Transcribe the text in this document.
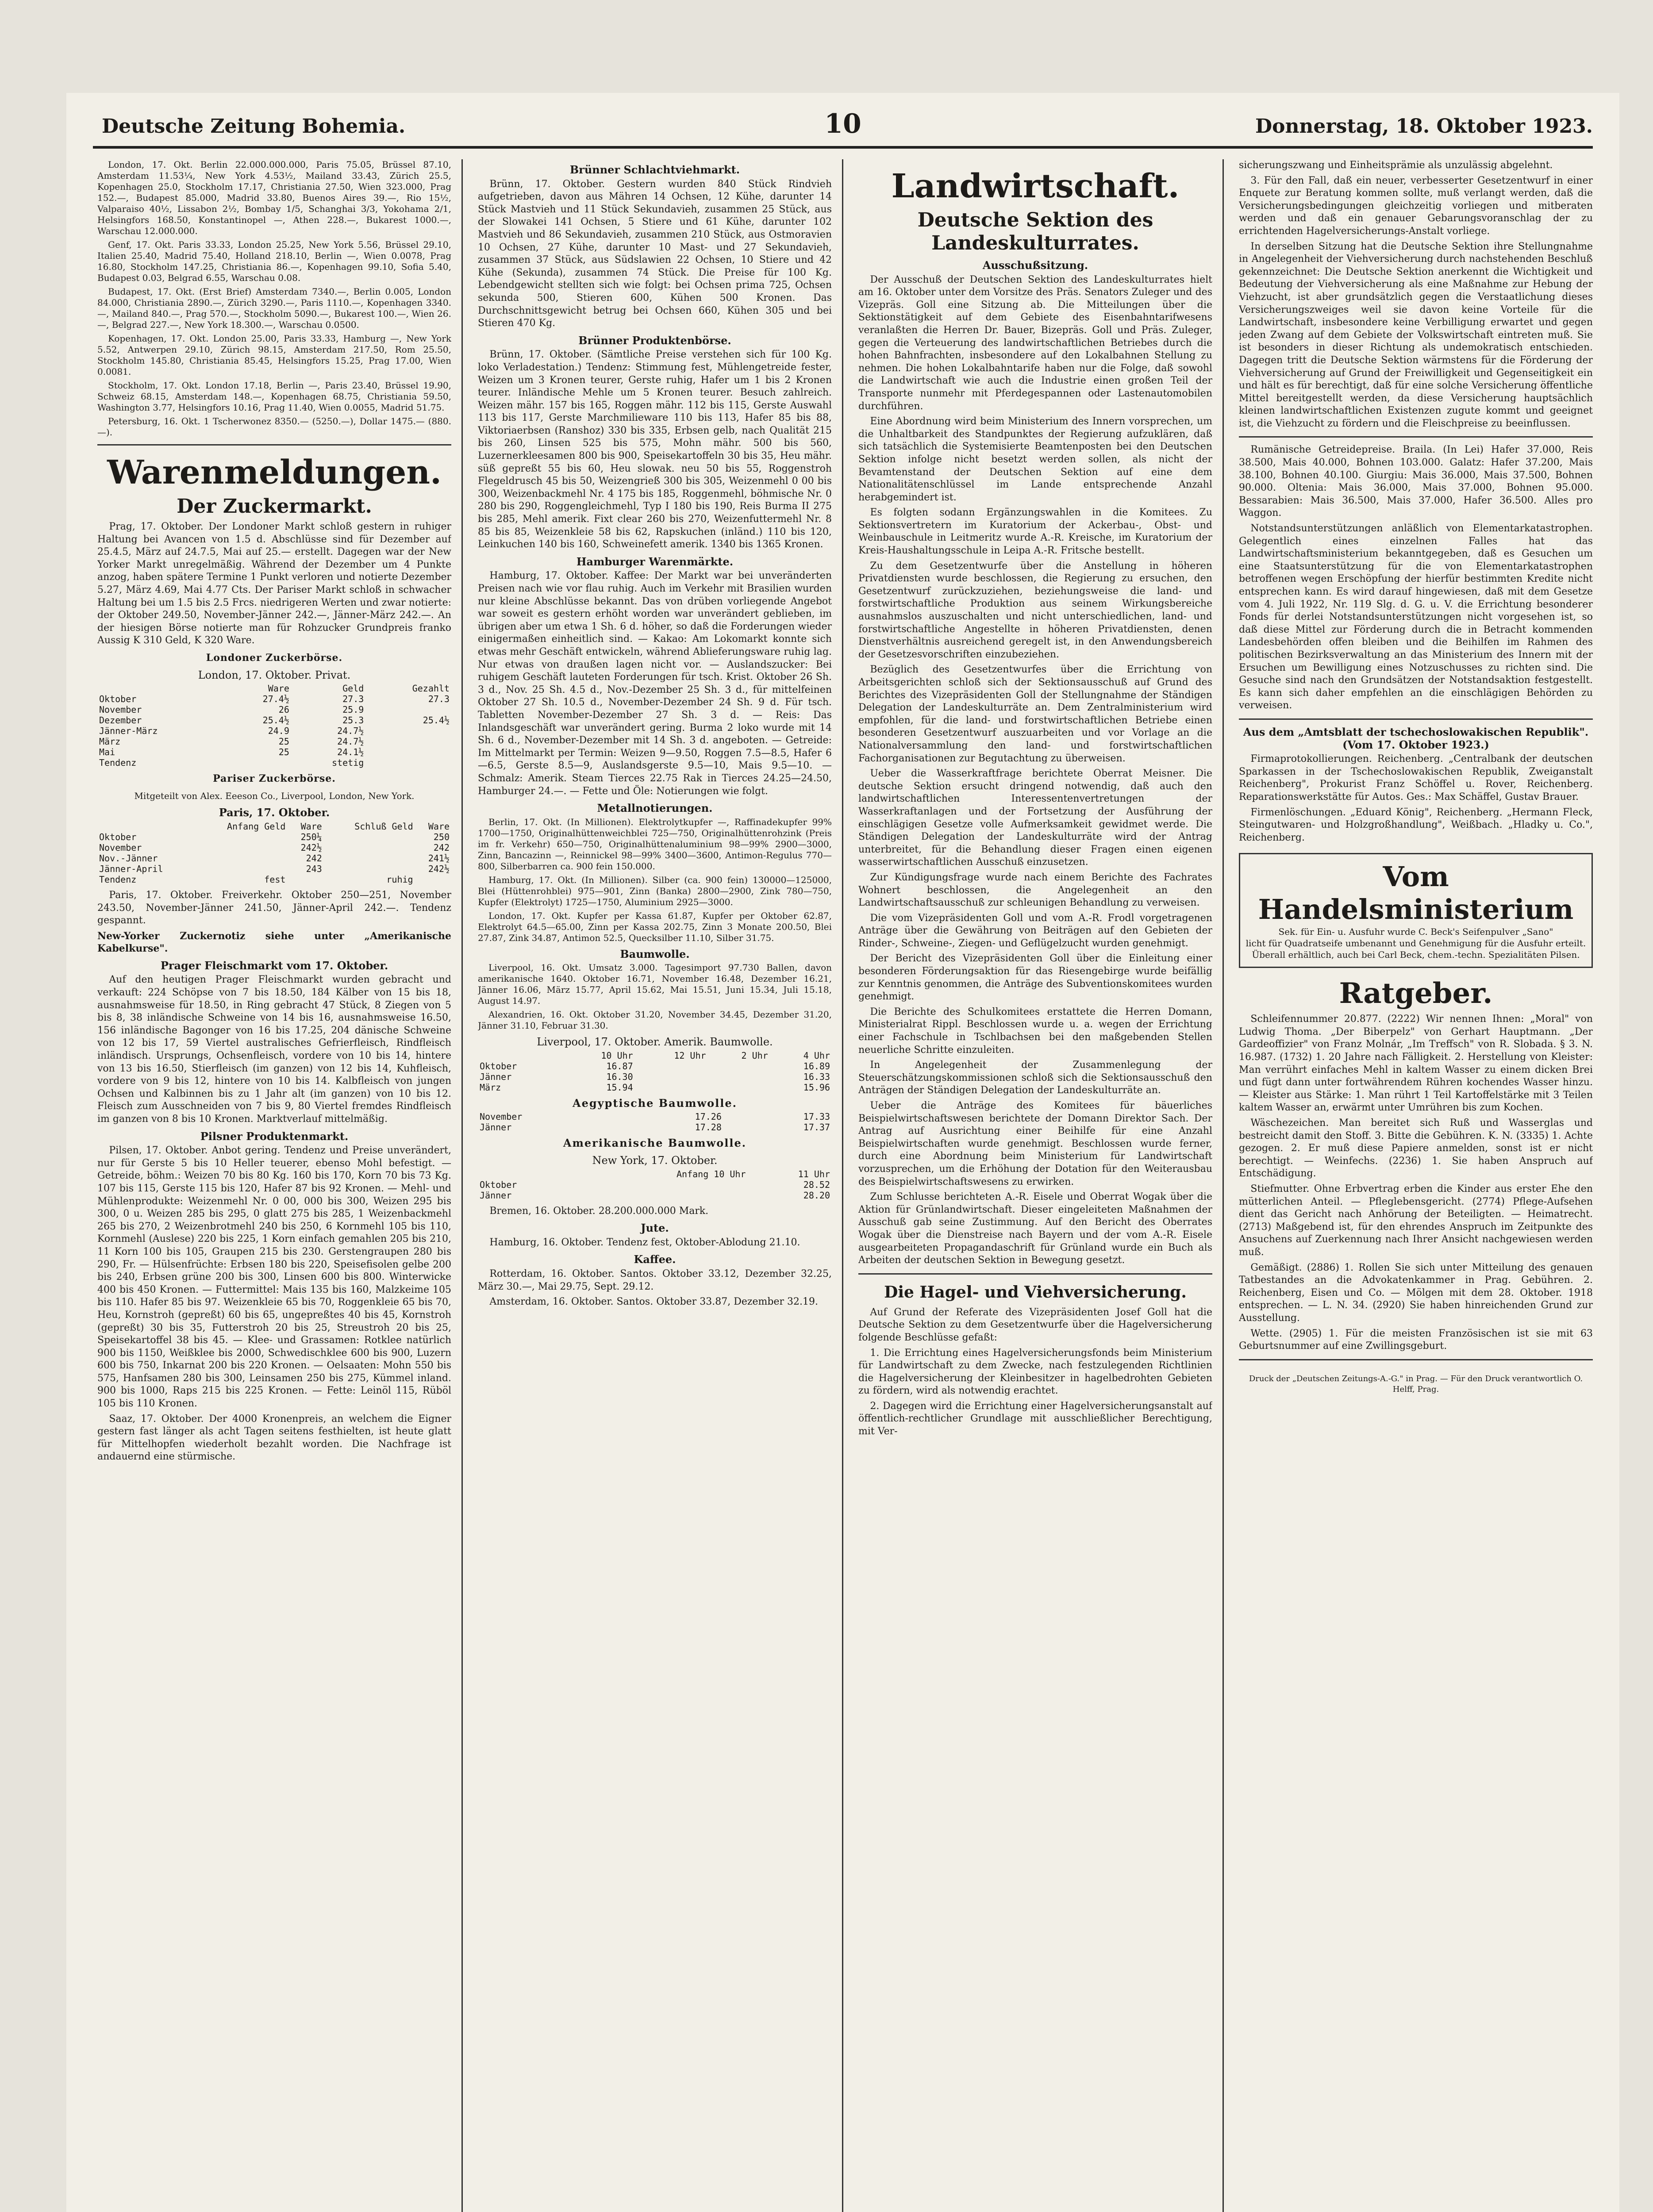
Deutsche Zeitung Bohemia.	10	Donnerstag, 18. Oktober 1923.

London, 17. Okt. Berlin 22.000.000.000, Paris 75.05, Brüssel 87.10, Amsterdam 11.53¼, New York 4.53½, Mailand 33.43, Zürich 25.5, Kopenhagen 25.0, Stockholm 17.17, Christiania 27.50, Wien 323.000, Prag 152.—, Budapest 85.000, Madrid 33.80, Buenos Aires 39.—, Rio 15½, Valparaiso 40½, Lissabon 2½, Bombay 1/5, Schanghai 3/3, Yokohama 2/1, Helsingfors 168.50, Konstantinopel —, Athen 228.—, Bukarest 1000.—, Warschau 12.000.000.

Genf, 17. Okt. Paris 33.33, London 25.25, New York 5.56, Brüssel 29.10, Italien 25.40, Madrid 75.40, Holland 218.10, Berlin —, Wien 0.0078, Prag 16.80, Stockholm 147.25, Christiania 86.—, Kopenhagen 99.10, Sofia 5.40, Budapest 0.03, Belgrad 6.55, Warschau 0.08.

Budapest, 17. Okt. (Erst Brief) Amsterdam 7340.—, Berlin 0.005, London 84.000, Christiania 2890.—, Zürich 3290.—, Paris 1110.—, Kopenhagen 3340.—, Mailand 840.—, Prag 570.—, Stockholm 5090.—, Bukarest 100.—, Wien 26.—, Belgrad 227.—, New York 18.300.—, Warschau 0.0500.

Kopenhagen, 17. Okt. London 25.00, Paris 33.33, Hamburg —, New York 5.52, Antwerpen 29.10, Zürich 98.15, Amsterdam 217.50, Rom 25.50, Stockholm 145.80, Christiania 85.45, Helsingfors 15.25, Prag 17.00, Wien 0.0081.

Stockholm, 17. Okt. London 17.18, Berlin —, Paris 23.40, Brüssel 19.90, Schweiz 68.15, Amsterdam 148.—, Kopenhagen 68.75, Christiania 59.50, Washington 3.77, Helsingfors 10.16, Prag 11.40, Wien 0.0055, Madrid 51.75.

Petersburg, 16. Okt. 1 Tscherwonez 8350.— (5250.—), Dollar 1475.— (880.—).

Warenmeldungen.
Der Zuckermarkt.

Prag, 17. Oktober. Der Londoner Markt schloß gestern in ruhiger Haltung bei Avancen von 1.5 d. Abschlüsse sind für Dezember auf 25.4.5, März auf 24.7.5, Mai auf 25.— erstellt. Dagegen war der New Yorker Markt unregelmäßig. Während der Dezember um 4 Punkte anzog, haben spätere Termine 1 Punkt verloren und notierte Dezember 5.27, März 4.69, Mai 4.77 Cts. Der Pariser Markt schloß in schwacher Haltung bei um 1.5 bis 2.5 Frcs. niedrigeren Werten und zwar notierte: der Oktober 249.50, November-Jänner 242.—, Jänner-März 242.—. An der hiesigen Börse notierte man für Rohzucker Grundpreis franko Aussig K 310 Geld, K 320 Ware.

Londoner Zuckerbörse.
London, 17. Oktober. Privat.
	Ware	Geld	Gezahlt
Oktober	27.4½	27.3	27.3
November	26	25.9	
Dezember	25.4½	25.3	25.4½
Jänner-März	24.9	24.7½	
März	25	24.7½	
Mai	25	24.1½	
Tendenz		stetig	
Pariser Zuckerbörse.
Mitgeteilt von Alex. Eeeson Co., Liverpool, London, New York.
Paris, 17. Oktober.
	Anfang Geld	Ware	Schluß Geld	Ware
Oktober		250¼		250
November		242½		242
Nov.-Jänner		242		241½
Jänner-April		243		242½
Tendenz	fest		ruhig	

Paris, 17. Oktober. Freiverkehr. Oktober 250—251, November 243.50, November-Jänner 241.50, Jänner-April 242.—. Tendenz gespannt.

New-Yorker Zuckernotiz siehe unter „Amerikanische Kabelkurse".

Prager Fleischmarkt vom 17. Oktober.

Auf den heutigen Prager Fleischmarkt wurden gebracht und verkauft: 224 Schöpse von 7 bis 18.50, 184 Kälber von 15 bis 18, ausnahmsweise für 18.50, in Ring gebracht 47 Stück, 8 Ziegen von 5 bis 8, 38 inländische Schweine von 14 bis 16, ausnahmsweise 16.50, 156 inländische Bagonger von 16 bis 17.25, 204 dänische Schweine von 12 bis 17, 59 Viertel australisches Gefrierfleisch, Rindfleisch inländisch. Ursprungs, Ochsenfleisch, vordere von 10 bis 14, hintere von 13 bis 16.50, Stierfleisch (im ganzen) von 12 bis 14, Kuhfleisch, vordere von 9 bis 12, hintere von 10 bis 14. Kalbfleisch von jungen Ochsen und Kalbinnen bis zu 1 Jahr alt (im ganzen) von 10 bis 12. Fleisch zum Ausschneiden von 7 bis 9, 80 Viertel fremdes Rindfleisch im ganzen von 8 bis 10 Kronen. Marktverlauf mittelmäßig.

Pilsner Produktenmarkt.

Pilsen, 17. Oktober. Anbot gering. Tendenz und Preise unverändert, nur für Gerste 5 bis 10 Heller teuerer, ebenso Mohl befestigt. — Getreide, böhm.: Weizen 70 bis 80 Kg. 160 bis 170, Korn 70 bis 73 Kg. 107 bis 115, Gerste 115 bis 120, Hafer 87 bis 92 Kronen. — Mehl- und Mühlenprodukte: Weizenmehl Nr. 0 00, 000 bis 300, Weizen 295 bis 300, 0 u. Weizen 285 bis 295, 0 glatt 275 bis 285, 1 Weizenbackmehl 265 bis 270, 2 Weizenbrotmehl 240 bis 250, 6 Kornmehl 105 bis 110, Kornmehl (Auslese) 220 bis 225, 1 Korn einfach gemahlen 205 bis 210, 11 Korn 100 bis 105, Graupen 215 bis 230. Gerstengraupen 280 bis 290, Fr. — Hülsenfrüchte: Erbsen 180 bis 220, Speisefisolen gelbe 200 bis 240, Erbsen grüne 200 bis 300, Linsen 600 bis 800. Winterwicke 400 bis 450 Kronen. — Futtermittel: Mais 135 bis 160, Malzkeime 105 bis 110. Hafer 85 bis 97. Weizenkleie 65 bis 70, Roggenkleie 65 bis 70, Heu, Kornstroh (gepreßt) 60 bis 65, ungepreßtes 40 bis 45, Kornstroh (gepreßt) 30 bis 35, Futterstroh 20 bis 25, Streustroh 20 bis 25, Speisekartoffel 38 bis 45. — Klee- und Grassamen: Rotklee natürlich 900 bis 1150, Weißklee bis 2000, Schwedischklee 600 bis 900, Luzern 600 bis 750, Inkarnat 200 bis 220 Kronen. — Oelsaaten: Mohn 550 bis 575, Hanfsamen 280 bis 300, Leinsamen 250 bis 275, Kümmel inland. 900 bis 1000, Raps 215 bis 225 Kronen. — Fette: Leinöl 115, Rüböl 105 bis 110 Kronen.

Saaz, 17. Oktober. Der 4000 Kronenpreis, an welchem die Eigner gestern fast länger als acht Tagen seitens festhielten, ist heute glatt für Mittelhopfen wiederholt bezahlt worden. Die Nachfrage ist andauernd eine stürmische.

Brünner Schlachtviehmarkt.

Brünn, 17. Oktober. Gestern wurden 840 Stück Rindvieh aufgetrieben, davon aus Mähren 14 Ochsen, 12 Kühe, darunter 14 Stück Mastvieh und 11 Stück Sekundavieh, zusammen 25 Stück, aus der Slowakei 141 Ochsen, 5 Stiere und 61 Kühe, darunter 102 Mastvieh und 86 Sekundavieh, zusammen 210 Stück, aus Ostmoravien 10 Ochsen, 27 Kühe, darunter 10 Mast- und 27 Sekundavieh, zusammen 37 Stück, aus Südslawien 22 Ochsen, 10 Stiere und 42 Kühe (Sekunda), zusammen 74 Stück. Die Preise für 100 Kg. Lebendgewicht stellten sich wie folgt: bei Ochsen prima 725, Ochsen sekunda 500, Stieren 600, Kühen 500 Kronen. Das Durchschnittsgewicht betrug bei Ochsen 660, Kühen 305 und bei Stieren 470 Kg.

Brünner Produktenbörse.

Brünn, 17. Oktober. (Sämtliche Preise verstehen sich für 100 Kg. loko Verladestation.) Tendenz: Stimmung fest, Mühlengetreide fester, Weizen um 3 Kronen teurer, Gerste ruhig, Hafer um 1 bis 2 Kronen teurer. Inländische Mehle um 5 Kronen teurer. Besuch zahlreich. Weizen mähr. 157 bis 165, Roggen mähr. 112 bis 115, Gerste Auswahl 113 bis 117, Gerste Marchmilieware 110 bis 113, Hafer 85 bis 88, Viktoriaerbsen (Ranshoz) 330 bis 335, Erbsen gelb, nach Qualität 215 bis 260, Linsen 525 bis 575, Mohn mähr. 500 bis 560, Luzernerkleesamen 800 bis 900, Speisekartoffeln 30 bis 35, Heu mähr. süß gepreßt 55 bis 60, Heu slowak. neu 50 bis 55, Roggenstroh Flegeldrusch 45 bis 50, Weizengrieß 300 bis 305, Weizenmehl 0 00 bis 300, Weizenbackmehl Nr. 4 175 bis 185, Roggenmehl, böhmische Nr. 0 280 bis 290, Roggengleichmehl, Typ I 180 bis 190, Reis Burma II 275 bis 285, Mehl amerik. Fixt clear 260 bis 270, Weizenfuttermehl Nr. 8 85 bis 85, Weizenkleie 58 bis 62, Rapskuchen (inländ.) 110 bis 120, Leinkuchen 140 bis 160, Schweinefett amerik. 1340 bis 1365 Kronen.

Hamburger Warenmärkte.

Hamburg, 17. Oktober. Kaffee: Der Markt war bei unveränderten Preisen nach wie vor flau ruhig. Auch im Verkehr mit Brasilien wurden nur kleine Abschlüsse bekannt. Das von drüben vorliegende Angebot war soweit es gestern erhöht worden war unverändert geblieben, im übrigen aber um etwa 1 Sh. 6 d. höher, so daß die Forderungen wieder einigermaßen einheitlich sind. — Kakao: Am Lokomarkt konnte sich etwas mehr Geschäft entwickeln, während Ablieferungsware ruhig lag. Nur etwas von draußen lagen nicht vor. — Auslandszucker: Bei ruhigem Geschäft lauteten Forderungen für tsch. Krist. Oktober 26 Sh. 3 d., Nov. 25 Sh. 4.5 d., Nov.-Dezember 25 Sh. 3 d., für mittelfeinen Oktober 27 Sh. 10.5 d., November-Dezember 24 Sh. 9 d. Für tsch. Tabletten November-Dezember 27 Sh. 3 d. — Reis: Das Inlandsgeschäft war unverändert gering. Burma 2 loko wurde mit 14 Sh. 6 d., November-Dezember mit 14 Sh. 3 d. angeboten. — Getreide: Im Mittelmarkt per Termin: Weizen 9—9.50, Roggen 7.5—8.5, Hafer 6—6.5, Gerste 8.5—9, Auslandsgerste 9.5—10, Mais 9.5—10. — Schmalz: Amerik. Steam Tierces 22.75 Rak in Tierces 24.25—24.50, Hamburger 24.—. — Fette und Öle: Notierungen wie folgt.

Metallnotierungen.

Berlin, 17. Okt. (In Millionen). Elektrolytkupfer —, Raffinadekupfer 99% 1700—1750, Originalhüttenweichblei 725—750, Originalhüttenrohzink (Preis im fr. Verkehr) 650—750, Originalhüttenaluminium 98—99% 2900—3000, Zinn, Bancazinn —, Reinnickel 98—99% 3400—3600, Antimon-Regulus 770—800, Silberbarren ca. 900 fein 150.000.

Hamburg, 17. Okt. (In Millionen). Silber (ca. 900 fein) 130000—125000, Blei (Hüttenrohblei) 975—901, Zinn (Banka) 2800—2900, Zink 780—750, Kupfer (Elektrolyt) 1725—1750, Aluminium 2925—3000.

London, 17. Okt. Kupfer per Kassa 61.87, Kupfer per Oktober 62.87, Elektrolyt 64.5—65.00, Zinn per Kassa 202.75, Zinn 3 Monate 200.50, Blei 27.87, Zink 34.87, Antimon 52.5, Quecksilber 11.10, Silber 31.75.

Baumwolle.

Liverpool, 16. Okt. Umsatz 3.000. Tagesimport 97.730 Ballen, davon amerikanische 1640. Oktober 16.71, November 16.48, Dezember 16.21, Jänner 16.06, März 15.77, April 15.62, Mai 15.51, Juni 15.34, Juli 15.18, August 14.97.

Alexandrien, 16. Okt. Oktober 31.20, November 34.45, Dezember 31.20, Jänner 31.10, Februar 31.30.

Liverpool, 17. Oktober. Amerik. Baumwolle.
	10 Uhr	12 Uhr	2 Uhr	4 Uhr
Oktober	16.87			16.89
Jänner	16.30			16.33
März	15.94			15.96
Aegyptische Baumwolle.
November	17.26		17.33
Jänner	17.28		17.37
Amerikanische Baumwolle.
New York, 17. Oktober.
	Anfang 10 Uhr	11 Uhr
Oktober		28.52
Jänner		28.20

Bremen, 16. Oktober. 28.200.000.000 Mark.

Jute.

Hamburg, 16. Oktober. Tendenz fest, Oktober-Ablodung 21.10.

Kaffee.

Rotterdam, 16. Oktober. Santos. Oktober 33.12, Dezember 32.25, März 30.—, Mai 29.75, Sept. 29.12.

Amsterdam, 16. Oktober. Santos. Oktober 33.87, Dezember 32.19.

Landwirtschaft.
Deutsche Sektion des Landeskulturrates.
Ausschußsitzung.

Der Ausschuß der Deutschen Sektion des Landeskulturrates hielt am 16. Oktober unter dem Vorsitze des Präs. Senators Zuleger und des Vizepräs. Goll eine Sitzung ab. Die Mitteilungen über die Sektionstätigkeit auf dem Gebiete des Eisenbahntarifwesens veranlaßten die Herren Dr. Bauer, Bizepräs. Goll und Präs. Zuleger, gegen die Verteuerung des landwirtschaftlichen Betriebes durch die hohen Bahnfrachten, insbesondere auf den Lokalbahnen Stellung zu nehmen. Die hohen Lokalbahntarife haben nur die Folge, daß sowohl die Landwirtschaft wie auch die Industrie einen großen Teil der Transporte nunmehr mit Pferdegespannen oder Lastenautomobilen durchführen.

Eine Abordnung wird beim Ministerium des Innern vorsprechen, um die Unhaltbarkeit des Standpunktes der Regierung aufzuklären, daß sich tatsächlich die Systemisierte Beamtenposten bei den Deutschen Sektion infolge nicht besetzt werden sollen, als nicht der Bevamtenstand der Deutschen Sektion auf eine dem Nationalitätenschlüssel im Lande entsprechende Anzahl herabgemindert ist.

Es folgten sodann Ergänzungswahlen in die Komitees. Zu Sektionsvertretern im Kuratorium der Ackerbau-, Obst- und Weinbauschule in Leitmeritz wurde A.-R. Kreische, im Kuratorium der Kreis-Haushaltungsschule in Leipa A.-R. Fritsche bestellt.

Zu dem Gesetzentwurfe über die Anstellung in höheren Privatdiensten wurde beschlossen, die Regierung zu ersuchen, den Gesetzentwurf zurückzuziehen, beziehungsweise die land- und forstwirtschaftliche Produktion aus seinem Wirkungsbereiche ausnahmslos auszuschalten und nicht unterschiedlichen, land- und forstwirtschaftliche Angestellte in höheren Privatdiensten, denen Dienstverhältnis ausreichend geregelt ist, in den Anwendungsbereich der Gesetzesvorschriften einzubeziehen.

Bezüglich des Gesetzentwurfes über die Errichtung von Arbeitsgerichten schloß sich der Sektionsausschuß auf Grund des Berichtes des Vizepräsidenten Goll der Stellungnahme der Ständigen Delegation der Landeskulturräte an. Dem Zentralministerium wird empfohlen, für die land- und forstwirtschaftlichen Betriebe einen besonderen Gesetzentwurf auszuarbeiten und vor Vorlage an die Nationalversammlung den land- und forstwirtschaftlichen Fachorganisationen zur Begutachtung zu überweisen.

Ueber die Wasserkraftfrage berichtete Oberrat Meisner. Die deutsche Sektion ersucht dringend notwendig, daß auch den landwirtschaftlichen Interessentenvertretungen der Wasserkraftanlagen und der Fortsetzung der Ausführung der einschlägigen Gesetze volle Aufmerksamkeit gewidmet werde. Die Ständigen Delegation der Landeskulturräte wird der Antrag unterbreitet, für die Behandlung dieser Fragen einen eigenen wasserwirtschaftlichen Ausschuß einzusetzen.

Zur Kündigungsfrage wurde nach einem Berichte des Fachrates Wohnert beschlossen, die Angelegenheit an den Landwirtschaftsausschuß zur schleunigen Behandlung zu verweisen.

Die vom Vizepräsidenten Goll und vom A.-R. Frodl vorgetragenen Anträge über die Gewährung von Beiträgen auf den Gebieten der Rinder-, Schweine-, Ziegen- und Geflügelzucht wurden genehmigt.

Der Bericht des Vizepräsidenten Goll über die Einleitung einer besonderen Förderungsaktion für das Riesengebirge wurde beifällig zur Kenntnis genommen, die Anträge des Subventionskomitees wurden genehmigt.

Die Berichte des Schulkomitees erstattete die Herren Domann, Ministerialrat Rippl. Beschlossen wurde u. a. wegen der Errichtung einer Fachschule in Tschlbachsen bei den maßgebenden Stellen neuerliche Schritte einzuleiten.

In Angelegenheit der Zusammenlegung der Steuerschätzungskommissionen schloß sich die Sektionsausschuß den Anträgen der Ständigen Delegation der Landeskulturräte an.

Ueber die Anträge des Komitees für bäuerliches Beispielwirtschaftswesen berichtete der Domann Direktor Sach. Der Antrag auf Ausrichtung einer Beihilfe für eine Anzahl Beispielwirtschaften wurde genehmigt. Beschlossen wurde ferner, durch eine Abordnung beim Ministerium für Landwirtschaft vorzusprechen, um die Erhöhung der Dotation für den Weiterausbau des Beispielwirtschaftswesens zu erwirken.

Zum Schlusse berichteten A.-R. Eisele und Oberrat Wogak über die Aktion für Grünlandwirtschaft. Dieser eingeleiteten Maßnahmen der Ausschuß gab seine Zustimmung. Auf den Bericht des Oberrates Wogak über die Dienstreise nach Bayern und der vom A.-R. Eisele ausgearbeiteten Propagandaschrift für Grünland wurde ein Buch als Arbeiten der deutschen Sektion in Bewegung gesetzt.

Die Hagel- und Viehversicherung.

Auf Grund der Referate des Vizepräsidenten Josef Goll hat die Deutsche Sektion zu dem Gesetzentwurfe über die Hagelversicherung folgende Beschlüsse gefaßt:

1. Die Errichtung eines Hagelversicherungsfonds beim Ministerium für Landwirtschaft zu dem Zwecke, nach festzulegenden Richtlinien die Hagelversicherung der Kleinbesitzer in hagelbedrohten Gebieten zu fördern, wird als notwendig erachtet.

2. Dagegen wird die Errichtung einer Hagelversicherungsanstalt auf öffentlich-rechtlicher Grundlage mit ausschließlicher Berechtigung, mit Ver-

sicherungszwang und Einheitsprämie als unzulässig abgelehnt.

3. Für den Fall, daß ein neuer, verbesserter Gesetzentwurf in einer Enquete zur Beratung kommen sollte, muß verlangt werden, daß die Versicherungsbedingungen gleichzeitig vorliegen und mitberaten werden und daß ein genauer Gebarungsvoranschlag der zu errichtenden Hagelversicherungs-Anstalt vorliege.

In derselben Sitzung hat die Deutsche Sektion ihre Stellungnahme in Angelegenheit der Viehversicherung durch nachstehenden Beschluß gekennzeichnet: Die Deutsche Sektion anerkennt die Wichtigkeit und Bedeutung der Viehversicherung als eine Maßnahme zur Hebung der Viehzucht, ist aber grundsätzlich gegen die Verstaatlichung dieses Versicherungszweiges weil sie davon keine Vorteile für die Landwirtschaft, insbesondere keine Verbilligung erwartet und gegen jeden Zwang auf dem Gebiete der Volkswirtschaft eintreten muß. Sie ist besonders in dieser Richtung als undemokratisch entschieden. Dagegen tritt die Deutsche Sektion wärmstens für die Förderung der Viehversicherung auf Grund der Freiwilligkeit und Gegenseitigkeit ein und hält es für berechtigt, daß für eine solche Versicherung öffentliche Mittel bereitgestellt werden, da diese Versicherung hauptsächlich kleinen landwirtschaftlichen Existenzen zugute kommt und geeignet ist, die Viehzucht zu fördern und die Fleischpreise zu beeinflussen.

Rumänische Getreidepreise. Braila. (In Lei) Hafer 37.000, Reis 38.500, Mais 40.000, Bohnen 103.000. Galatz: Hafer 37.200, Mais 38.100, Bohnen 40.100. Giurgiu: Mais 36.000, Mais 37.500, Bohnen 90.000. Oltenia: Mais 36.000, Mais 37.000, Bohnen 95.000. Bessarabien: Mais 36.500, Mais 37.000, Hafer 36.500. Alles pro Waggon.

Notstandsunterstützungen anläßlich von Elementarkatastrophen. Gelegentlich eines einzelnen Falles hat das Landwirtschaftsministerium bekanntgegeben, daß es Gesuchen um eine Staatsunterstützung für die von Elementarkatastrophen betroffenen wegen Erschöpfung der hierfür bestimmten Kredite nicht entsprechen kann. Es wird darauf hingewiesen, daß mit dem Gesetze vom 4. Juli 1922, Nr. 119 Slg. d. G. u. V. die Errichtung besonderer Fonds für derlei Notstandsunterstützungen nicht vorgesehen ist, so daß diese Mittel zur Förderung durch die in Betracht kommenden Landesbehörden offen bleiben und die Beihilfen im Rahmen des politischen Bezirksverwaltung an das Ministerium des Innern mit der Ersuchen um Bewilligung eines Notzuschusses zu richten sind. Die Gesuche sind nach den Grundsätzen der Notstandsaktion festgestellt. Es kann sich daher empfehlen an die einschlägigen Behörden zu verweisen.

Aus dem „Amtsblatt der tschechoslowakischen Republik". (Vom 17. Oktober 1923.)

Firmaprotokollierungen. Reichenberg. „Centralbank der deutschen Sparkassen in der Tschechoslowakischen Republik, Zweiganstalt Reichenberg", Prokurist Franz Schöffel u. Rover, Reichenberg. Reparationswerkstätte für Autos. Ges.: Max Schäffel, Gustav Brauer.

Firmenlöschungen. „Eduard König", Reichenberg. „Hermann Fleck, Steingutwaren- und Holzgroßhandlung", Weißbach. „Hladky u. Co.", Reichenberg.

Vom Handelsministerium
Sek. für Ein- u. Ausfuhr wurde C. Beck's Seifenpulver „Sano"
licht für Quadratseife umbenannt und Genehmigung für die Ausfuhr erteilt.
Überall erhältlich, auch bei Carl Beck, chem.-techn. Spezialitäten Pilsen.
Ratgeber.

Schleifennummer 20.877. (2222) Wir nennen Ihnen: „Moral" von Ludwig Thoma. „Der Biberpelz" von Gerhart Hauptmann. „Der Gardeoffizier" von Franz Molnár, „Im Treffsch" von R. Slobada. § 3. N. 16.987. (1732) 1. 20 Jahre nach Fälligkeit. 2. Herstellung von Kleister: Man verrührt einfaches Mehl in kaltem Wasser zu einem dicken Brei und fügt dann unter fortwährendem Rühren kochendes Wasser hinzu. — Kleister aus Stärke: 1. Man rührt 1 Teil Kartoffelstärke mit 3 Teilen kaltem Wasser an, erwärmt unter Umrühren bis zum Kochen.

Wäschezeichen. Man bereitet sich Ruß und Wasserglas und bestreicht damit den Stoff. 3. Bitte die Gebühren. K. N. (3335) 1. Achte gezogen. 2. Er muß diese Papiere anmelden, sonst ist er nicht berechtigt. — Weinfechs. (2236) 1. Sie haben Anspruch auf Entschädigung.

Stiefmutter. Ohne Erbvertrag erben die Kinder aus erster Ehe den mütterlichen Anteil. — Pfleglebensgericht. (2774) Pflege-Aufsehen dient das Gericht nach Anhörung der Beteiligten. — Heimatrecht. (2713) Maßgebend ist, für den ehrendes Anspruch im Zeitpunkte des Ansuchens auf Zuerkennung nach Ihrer Ansicht nachgewiesen werden muß.

Gemäßigt. (2886) 1. Rollen Sie sich unter Mitteilung des genauen Tatbestandes an die Advokatenkammer in Prag. Gebühren. 2. Reichenberg, Eisen und Co. — Mölgen mit dem 28. Oktober. 1918 entsprechen. — L. N. 34. (2920) Sie haben hinreichenden Grund zur Ausstellung.

Wette. (2905) 1. Für die meisten Französischen ist sie mit 63 Geburtsnummer auf eine Zwillingsgeburt.

Druck der „Deutschen Zeitungs-A.-G." in Prag. — Für den Druck verantwortlich O. Helff, Prag.
